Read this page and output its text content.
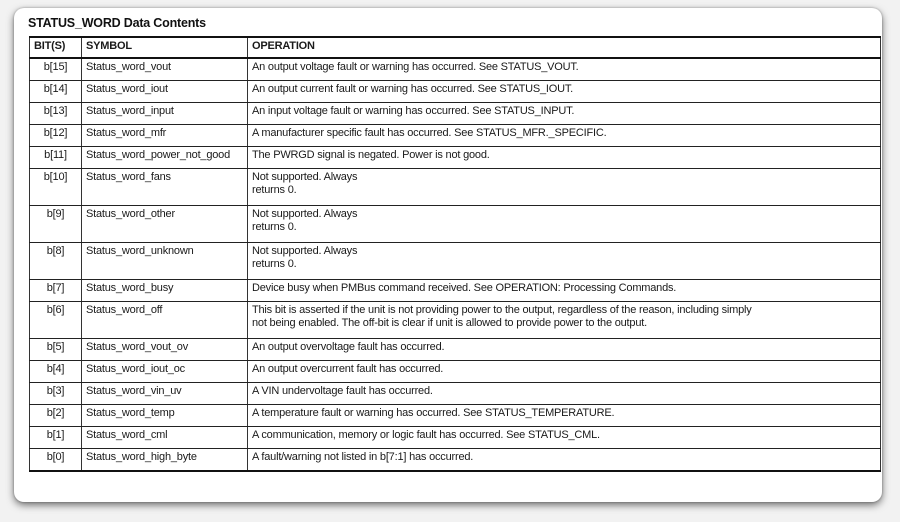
STATUS_WORD Data Contents
BIT(S)	SYMBOL	OPERATION
b[15]	Status_word_vout	An output voltage fault or warning has occurred. See STATUS_VOUT.
b[14]	Status_word_iout	An output current fault or warning has occurred. See STATUS_IOUT.
b[13]	Status_word_input	An input voltage fault or warning has occurred. See STATUS_INPUT.
b[12]	Status_word_mfr	A manufacturer specific fault has occurred. See STATUS_MFR._SPECIFIC.
b[11]	Status_word_power_not_good	The PWRGD signal is negated. Power is not good.
b[10]	Status_word_fans	Not supported. Always
returns 0.
b[9]	Status_word_other	Not supported. Always
returns 0.
b[8]	Status_word_unknown	Not supported. Always
returns 0.
b[7]	Status_word_busy	Device busy when PMBus command received. See OPERATION: Processing Commands.
b[6]	Status_word_off	This bit is asserted if the unit is not providing power to the output, regardless of the reason, including simply
not being enabled. The off-bit is clear if unit is allowed to provide power to the output.
b[5]	Status_word_vout_ov	An output overvoltage fault has occurred.
b[4]	Status_word_iout_oc	An output overcurrent fault has occurred.
b[3]	Status_word_vin_uv	A VIN undervoltage fault has occurred.
b[2]	Status_word_temp	A temperature fault or warning has occurred. See STATUS_TEMPERATURE.
b[1]	Status_word_cml	A communication, memory or logic fault has occurred. See STATUS_CML.
b[0]	Status_word_high_byte	A fault/warning not listed in b[7:1] has occurred.
